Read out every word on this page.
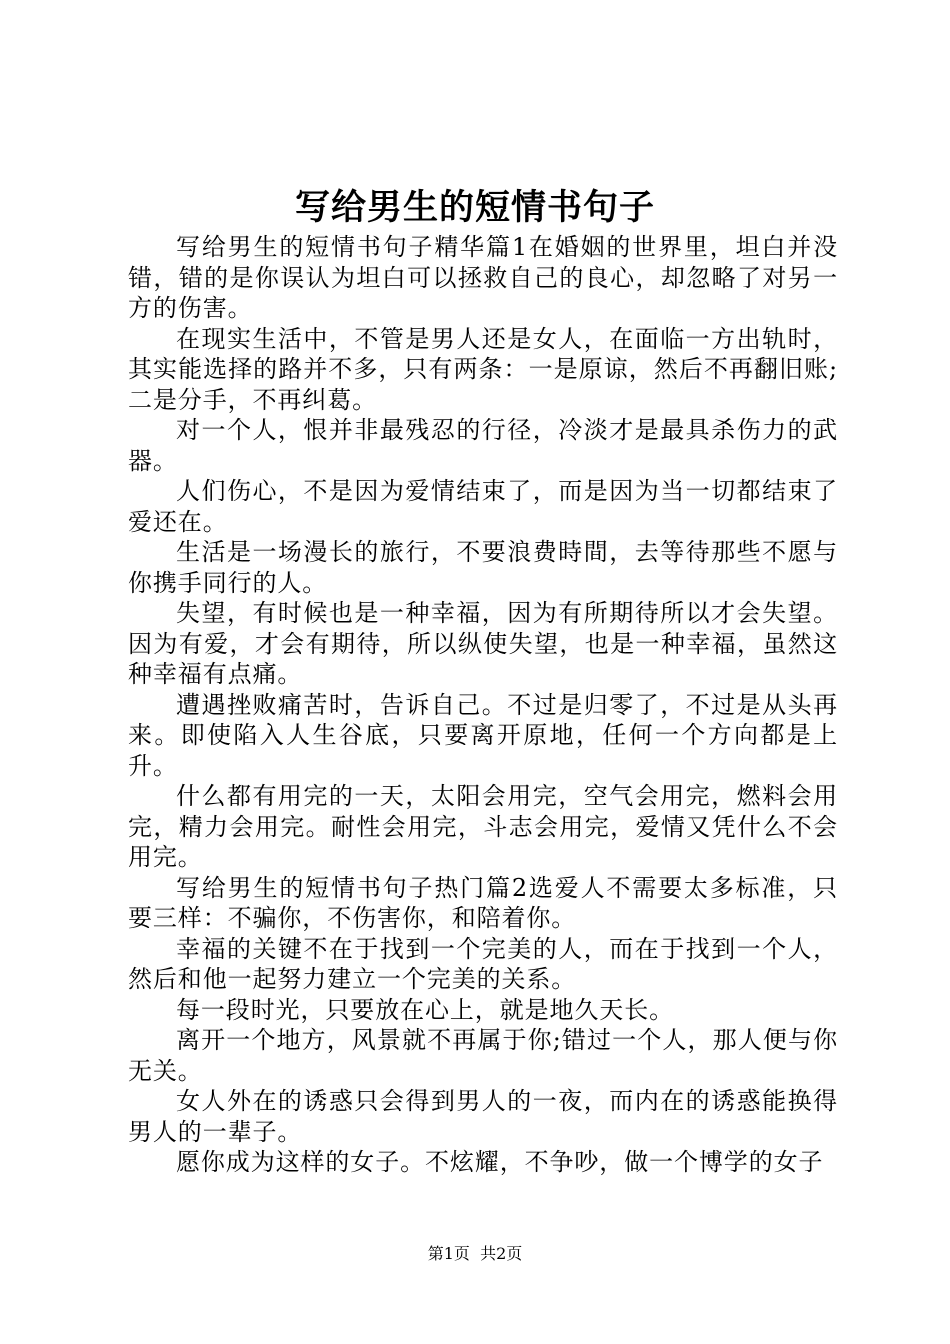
写给男生的短情书句子

写给男生的短情书句子精华篇1在婚姻的世界里，坦白并没错，错的是你误认为坦白可以拯救自己的良心，却忽略了对另一方的伤害。

在现实生活中，不管是男人还是女人，在面临一方出轨时，其实能选择的路并不多，只有两条：一是原谅，然后不再翻旧账;二是分手，不再纠葛。

对一个人，恨并非最残忍的行径，冷淡才是最具杀伤力的武器。

人们伤心，不是因为爱情结束了，而是因为当一切都结束了爱还在。

生活是一场漫长的旅行，不要浪费時間，去等待那些不愿与你携手同行的人。

失望，有时候也是一种幸福，因为有所期待所以才会失望。因为有爱，才会有期待，所以纵使失望，也是一种幸福，虽然这种幸福有点痛。

遭遇挫败痛苦时，告诉自己。不过是归零了，不过是从头再来。即使陷入人生谷底，只要离开原地，任何一个方向都是上升。

什么都有用完的一天，太阳会用完，空气会用完，燃料会用完，精力会用完。耐性会用完，斗志会用完，爱情又凭什么不会用完。

写给男生的短情书句子热门篇2选爱人不需要太多标准，只要三样：不骗你，不伤害你，和陪着你。

幸福的关键不在于找到一个完美的人，而在于找到一个人，然后和他一起努力建立一个完美的关系。

每一段时光，只要放在心上，就是地久天长。

离开一个地方，风景就不再属于你;错过一个人，那人便与你无关。

女人外在的诱惑只会得到男人的一夜，而内在的诱惑能换得男人的一辈子。

愿你成为这样的女子。不炫耀，不争吵，做一个博学的女子

第1页 共2页
